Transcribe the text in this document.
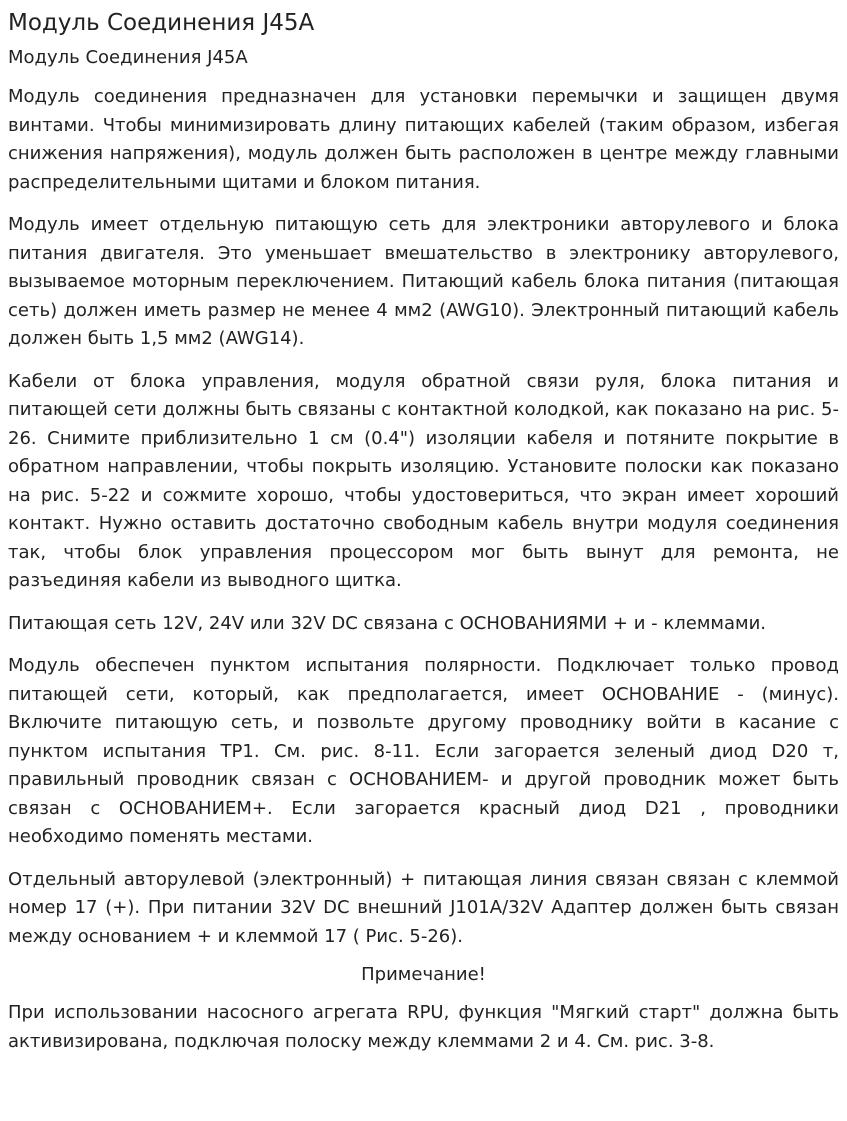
Модуль Соединения J45A
Модуль Соединения J45A

Модуль соединения предназначен для установки перемычки и защищен двумя винтами. Чтобы минимизировать длину питающих кабелей (таким образом, избегая снижения напряжения), модуль должен быть расположен в центре между главными распределительными щитами и блоком питания.

Модуль имеет отдельную питающую сеть для электроники авторулевого и блока питания двигателя. Это уменьшает вмешательство в электронику авторулевого, вызываемое моторным переключением. Питающий кабель блока питания (питающая сеть) должен иметь размер не менее 4 мм2 (AWG10). Электронный питающий кабель должен быть 1,5 мм2 (AWG14).

Кабели от блока управления, модуля обратной связи руля, блока питания и питающей сети должны быть связаны с контактной колодкой, как показано на рис. 5-26. Снимите приблизительно 1 см (0.4") изоляции кабеля и потяните покрытие в обратном направлении, чтобы покрыть изоляцию. Установите полоски как показано на рис. 5-22 и сожмите хорошо, чтобы удостовериться, что экран имеет хороший контакт. Нужно оставить достаточно свободным кабель внутри модуля соединения так, чтобы блок управления процессором мог быть вынут для ремонта, не разъединяя кабели из выводного щитка.

Питающая сеть 12V, 24V или 32V DC связана с ОСНОВАНИЯМИ + и - клеммами.

Модуль обеспечен пунктом испытания полярности. Подключает только провод питающей сети, который, как предполагается, имеет ОСНОВАНИЕ - (минус). Включите питающую сеть, и позвольте другому проводнику войти в касание с пунктом испытания TP1. См. рис. 8-11. Если загорается зеленый диод D20 т, правильный проводник связан с ОСНОВАНИЕМ- и другой проводник может быть связан с ОСНОВАНИЕМ+. Если загорается красный диод D21 , проводники необходимо поменять местами.

Отдельный авторулевой (электронный) + питающая линия связан связан с клеммой номер 17 (+). При питании 32V DC внешний J101A/32V Адаптер должен быть связан между основанием + и клеммой 17 ( Рис. 5-26).

Примечание!

При использовании насосного агрегата RPU, функция "Мягкий старт" должна быть активизирована, подключая полоску между клеммами 2 и 4. См. рис. 3-8.
